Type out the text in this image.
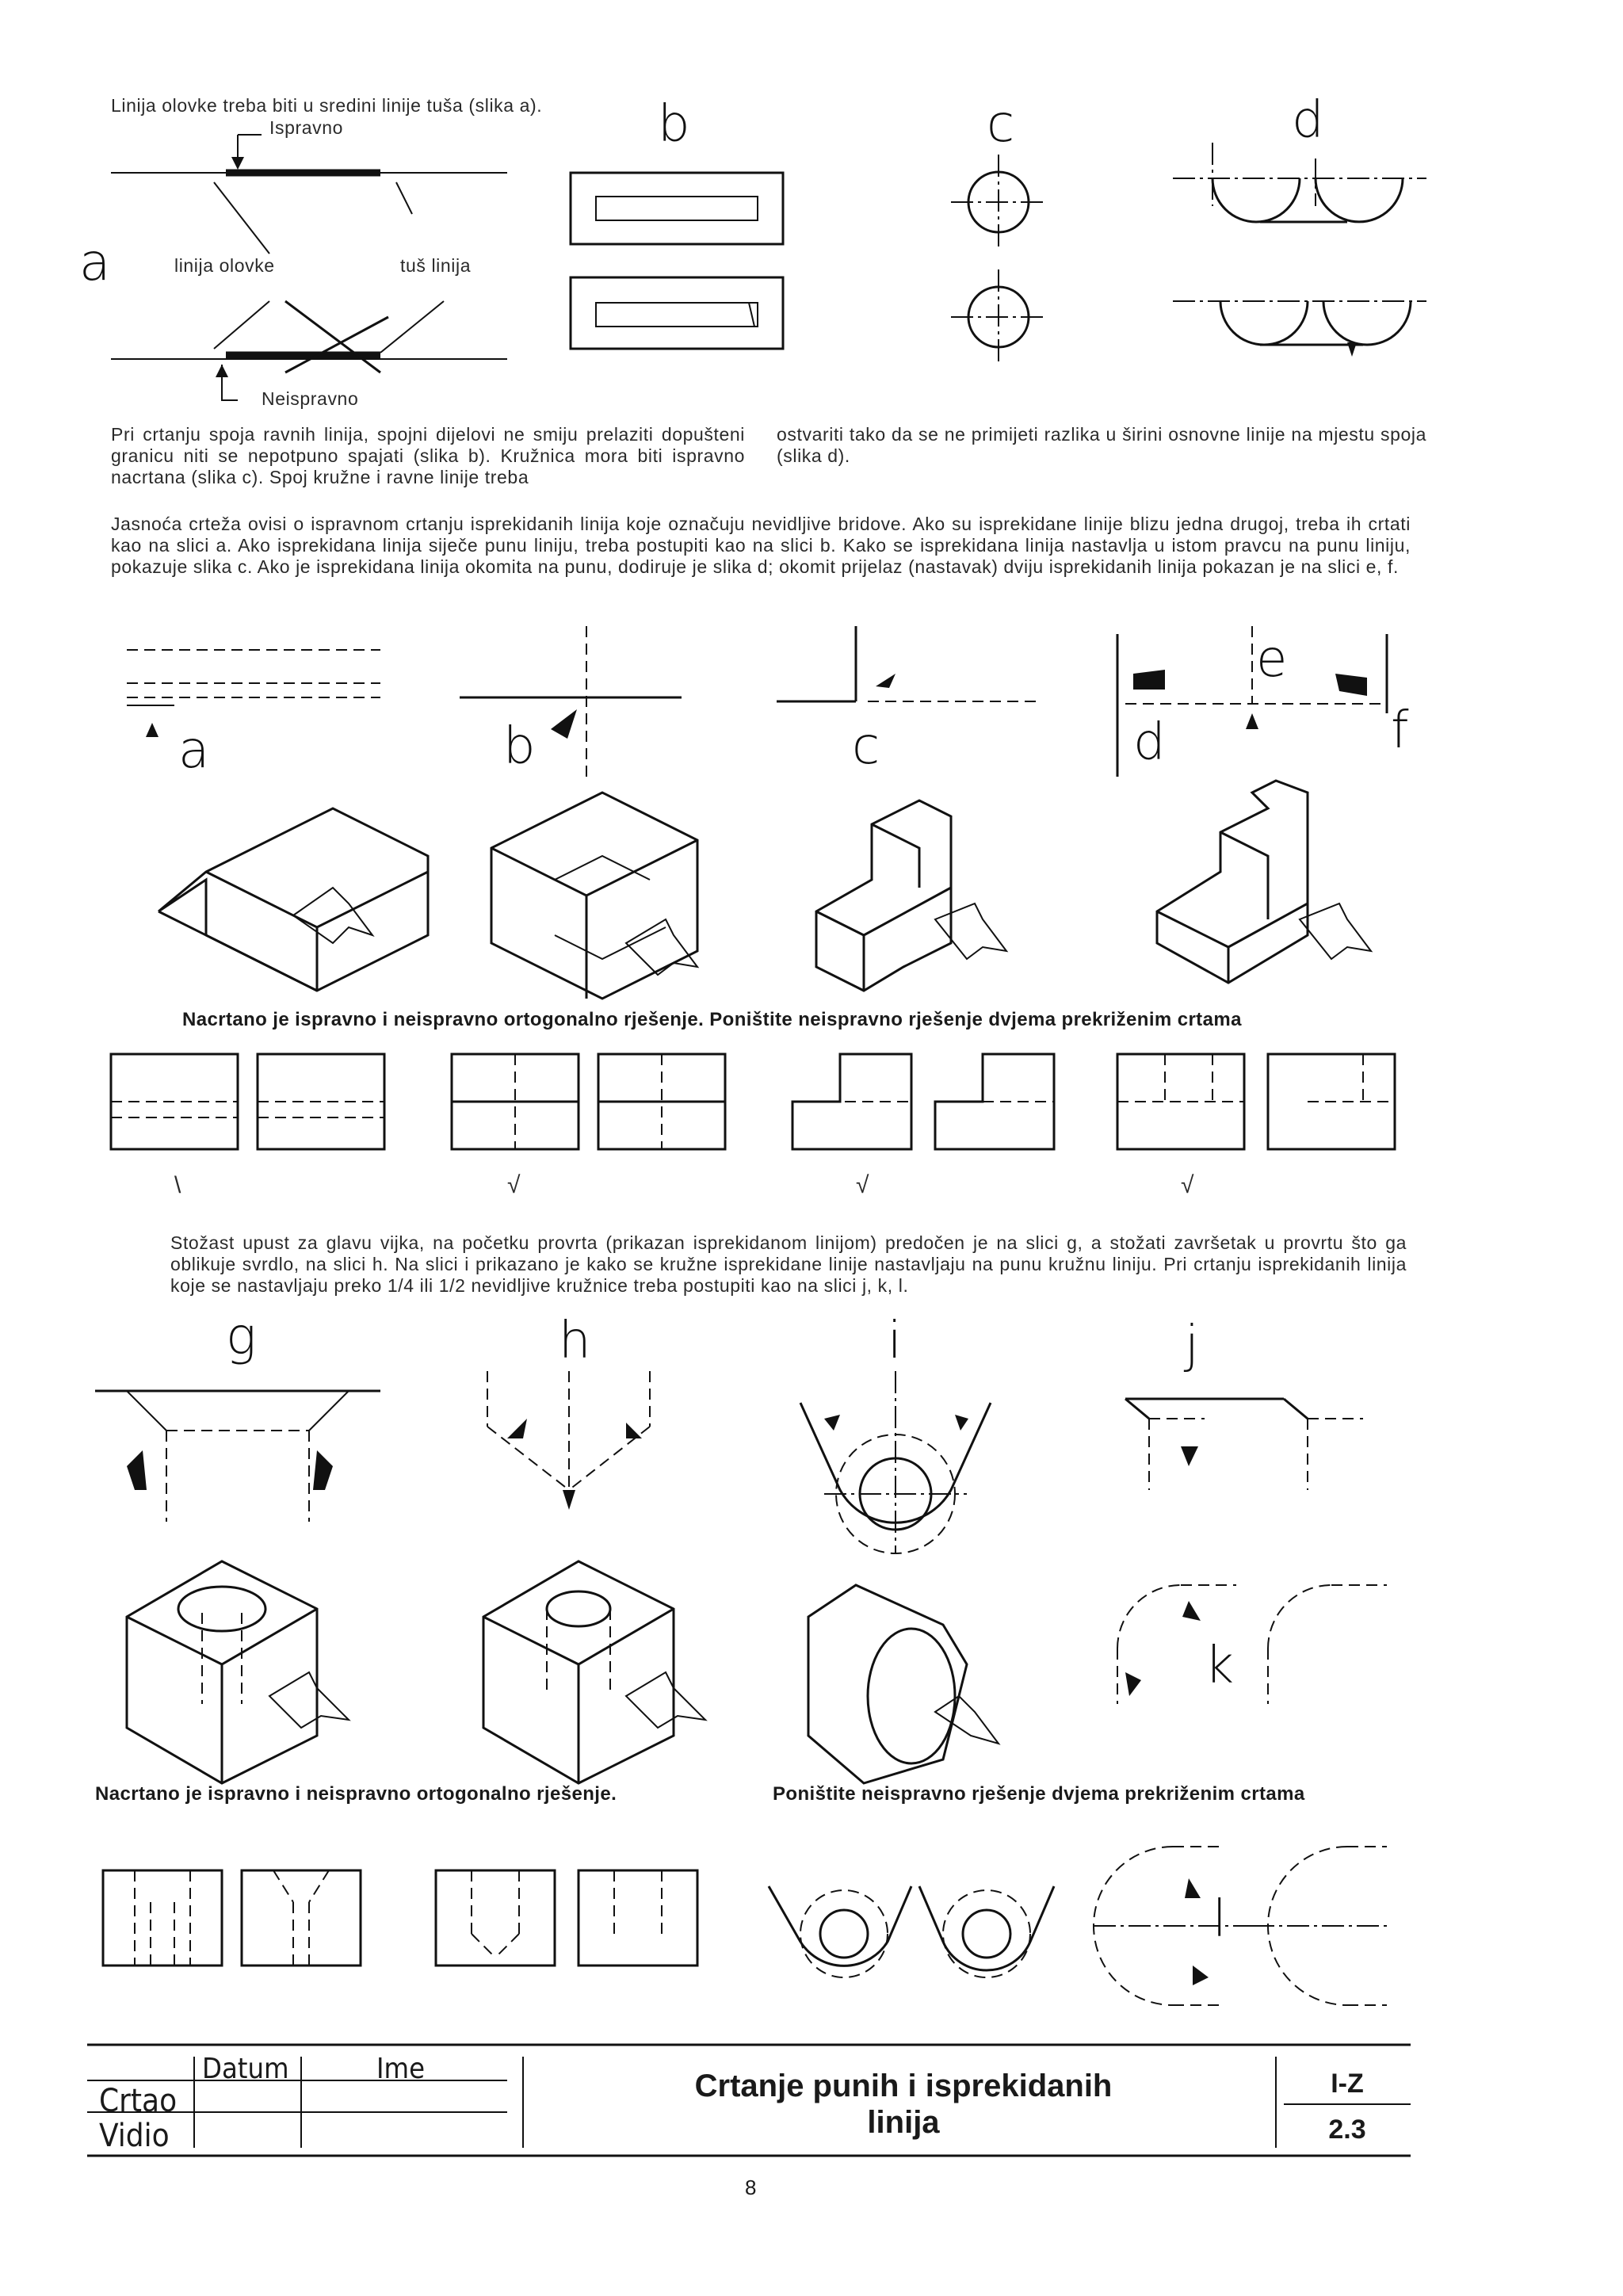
Linija olovke treba biti u sredini linije tuša (slika a).
Ispravno
linija olovke	tuš linija
Neispravno
a
b	c	d
Pri crtanju spoja ravnih linija, spojni dijelovi ne smiju prelaziti dopušteni granicu niti se nepotpuno spajati (slika b). Kružnica mora biti ispravno nacrtana (slika c). Spoj kružne i ravne linije treba
ostvariti tako da se ne primijeti razlika u širini osnovne linije na mjestu spoja (slika d).
Jasnoća crteža ovisi o ispravnom crtanju isprekidanih linija koje označuju nevidljive bridove. Ako su isprekidane linije blizu jedna drugoj, treba ih crtati kao na slici a. Ako isprekidana linija siječe punu liniju, treba postupiti kao na slici b. Kako se isprekidana linija nastavlja u istom pravcu na punu liniju, pokazuje slika c. Ako je isprekidana linija okomita na punu, dodiruje je slika d; okomit prijelaz (nastavak) dviju isprekidanih linija pokazan je na slici e, f.
a	b	c	d
e
f
Nacrtano je ispravno i neispravno ortogonalno rješenje. Poništite neispravno rješenje dvjema prekriženim crtama
\	√	√	√
Stožast upust za glavu vijka, na početku provrta (prikazan isprekidanom linijom) predočen je na slici g, a stožati završetak u provrtu što ga oblikuje svrdlo, na slici h. Na slici i prikazano je kako se kružne isprekidane linije nastavljaju na punu kružnu liniju. Pri crtanju isprekidanih linija koje se nastavljaju preko 1/4 ili 1/2 nevidljive kružnice treba postupiti kao na slici j, k, l.
g	h	i	j
k
l
Nacrtano je ispravno i neispravno ortogonalno rješenje.	Poništite neispravno rješenje dvjema prekriženim crtama
Datum	Ime
Crtao
Vidio
Crtanje punih i isprekidanih
linija
I-Z
2.3
8
